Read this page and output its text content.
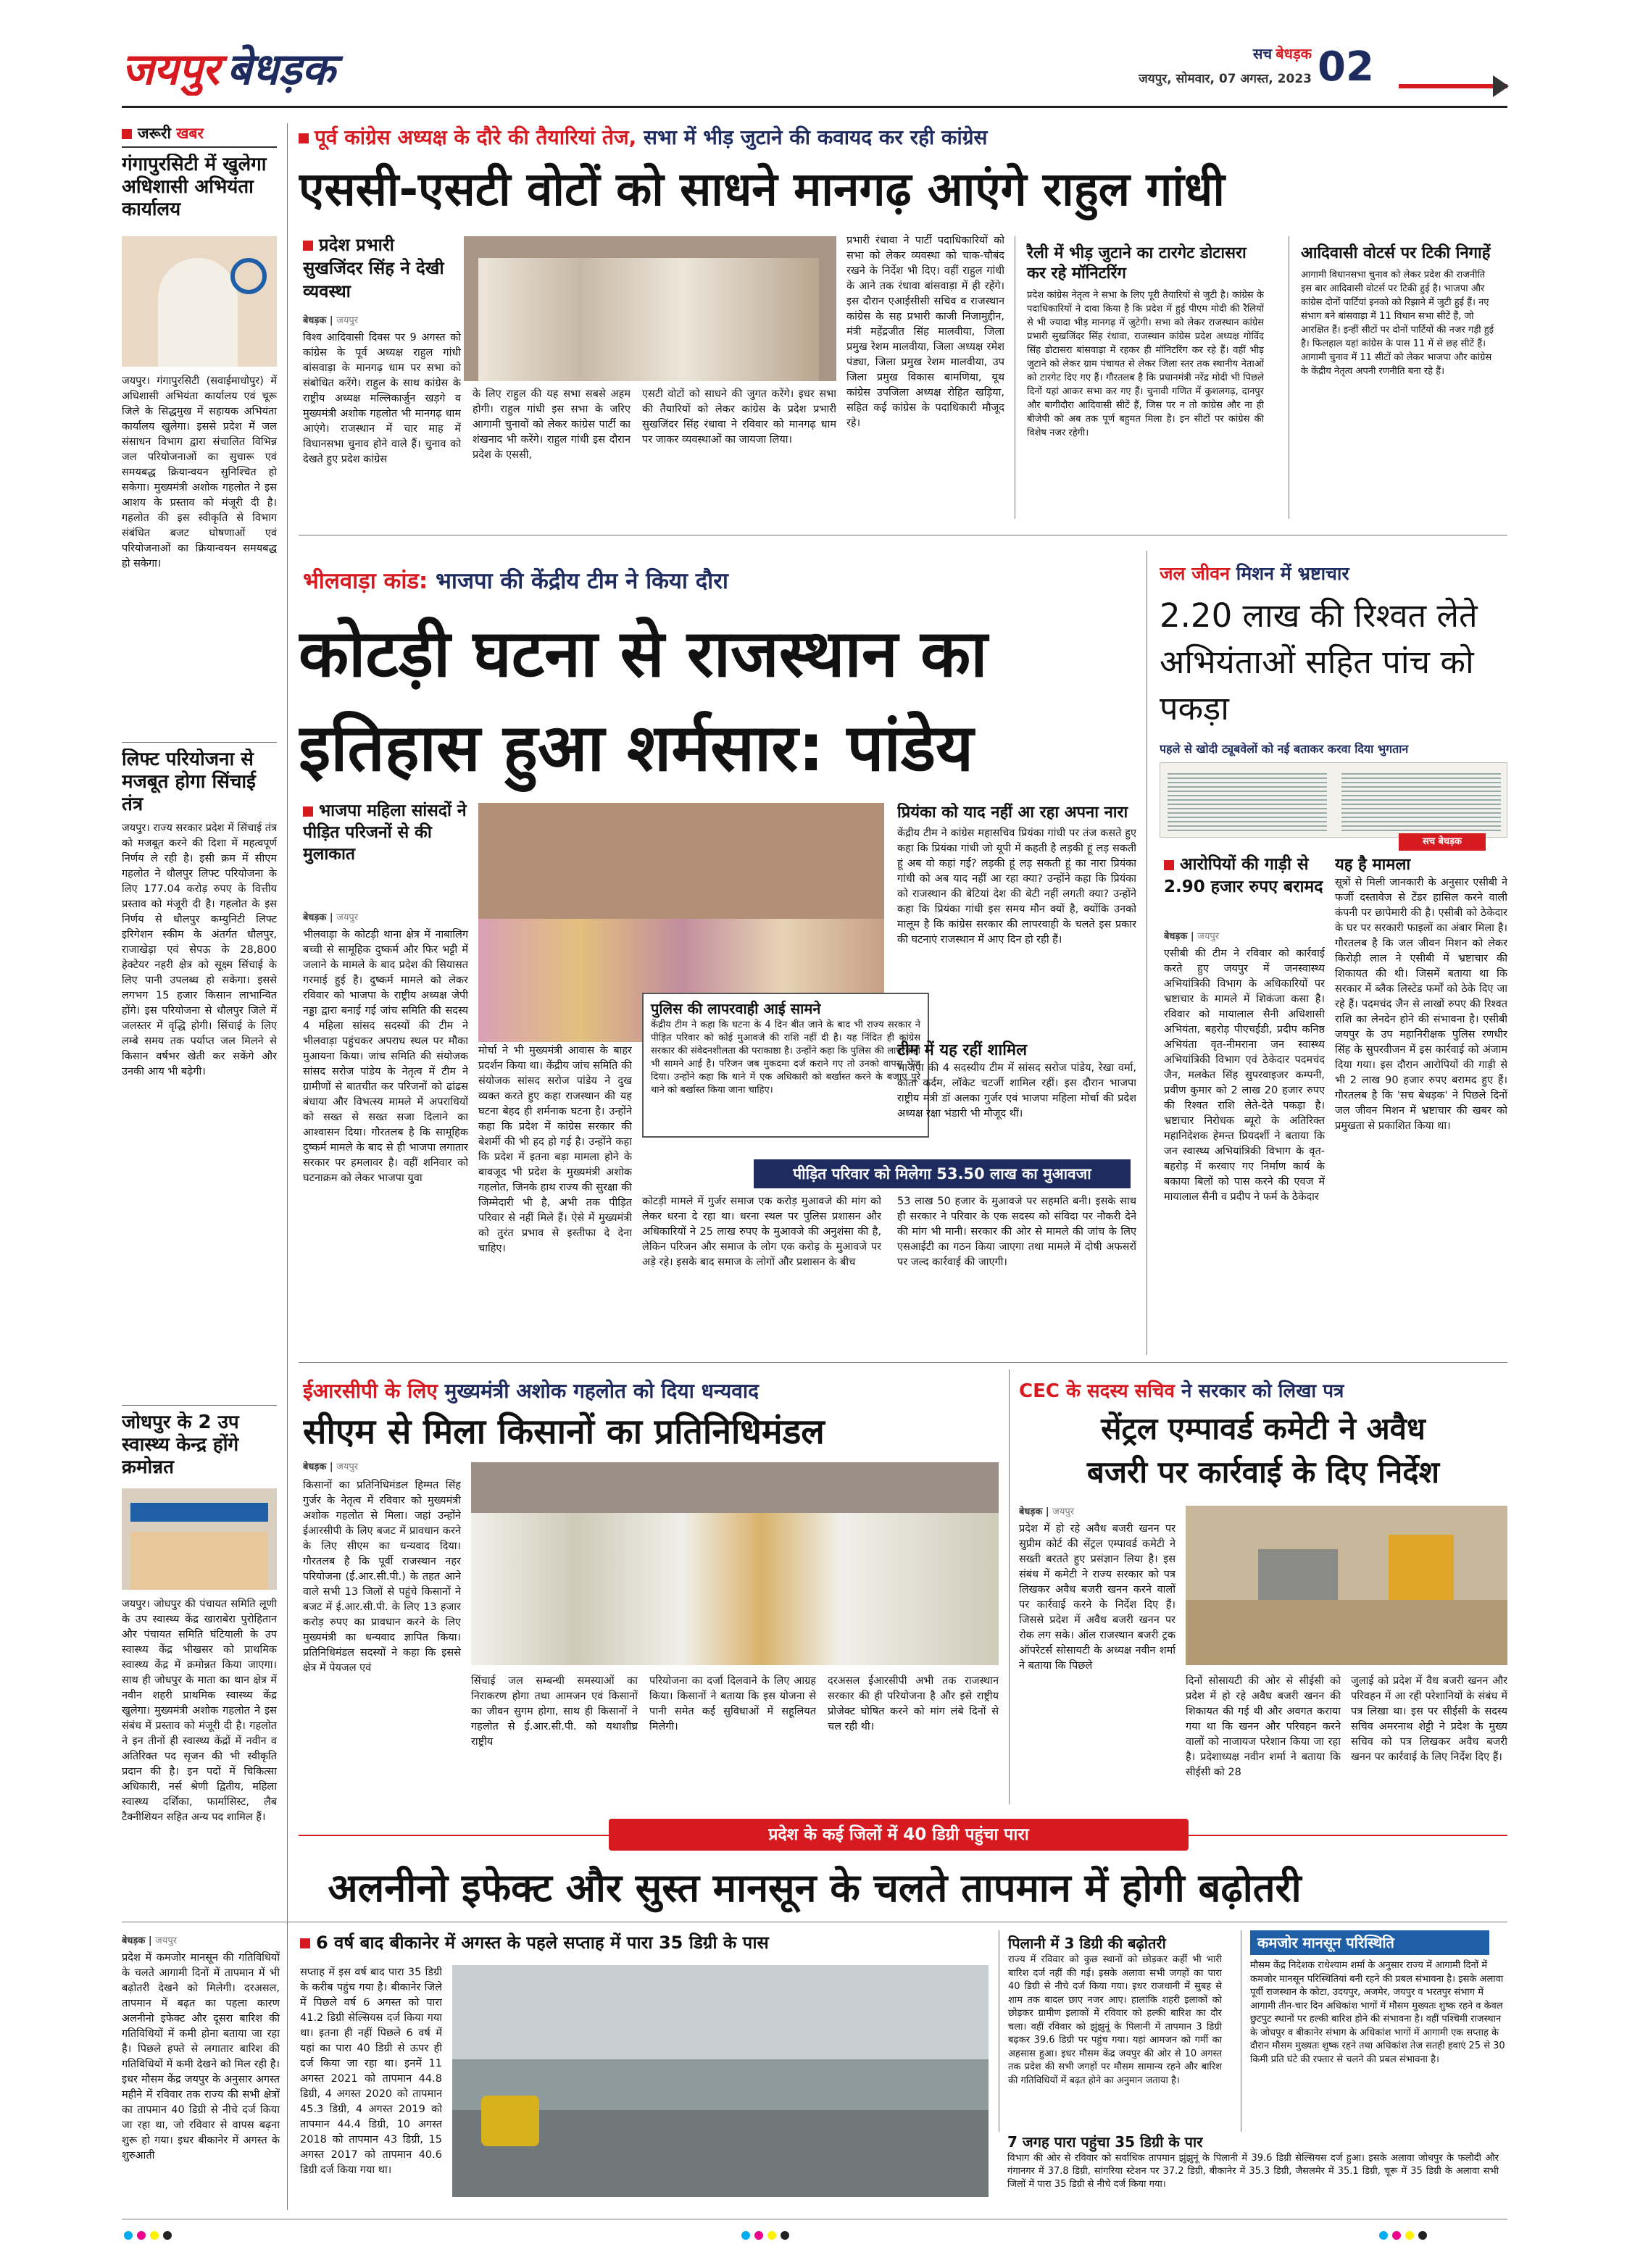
जयपुर बेधड़क	सच बेधड़क
जयपुर, सोमवार, 07 अगस्त, 2023 02
जरूरी खबर
गंगापुरसिटी में खुलेगा अधिशासी अभियंता कार्यालय
जयपुर। गंगापुरसिटी (सवाईमाधोपुर) में अधिशासी अभियंता कार्यालय एवं चूरू जिले के सिद्धमुख में सहायक अभियंता कार्यालय खुलेगा। इससे प्रदेश में जल संसाधन विभाग द्वारा संचालित विभिन्न जल परियोजनाओं का सुचारू एवं समयबद्ध क्रियान्वयन सुनिश्चित हो सकेगा। मुख्यमंत्री अशोक गहलोत ने इस आशय के प्रस्ताव को मंजूरी दी है। गहलोत की इस स्वीकृति से विभाग संबंधित बजट घोषणाओं एवं परियोजनाओं का क्रियान्वयन समयबद्ध हो सकेगा।
लिफ्ट परियोजना से मजबूत होगा सिंचाई तंत्र
जयपुर। राज्य सरकार प्रदेश में सिंचाई तंत्र को मजबूत करने की दिशा में महत्वपूर्ण निर्णय ले रही है। इसी क्रम में सीएम गहलोत ने धौलपुर लिफ्ट परियोजना के लिए 177.04 करोड़ रुपए के वित्तीय प्रस्ताव को मंजूरी दी है। गहलोत के इस निर्णय से धौलपुर कम्युनिटी लिफ्ट इरिगेशन स्कीम के अंतर्गत धौलपुर, राजाखेड़ा एवं सेपऊ के 28,800 हेक्टेयर नहरी क्षेत्र को सूक्ष्म सिंचाई के लिए पानी उपलब्ध हो सकेगा। इससे लगभग 15 हजार किसान लाभान्वित होंगे। इस परियोजना से धौलपुर जिले में जलस्तर में वृद्धि होगी। सिंचाई के लिए लम्बे समय तक पर्याप्त जल मिलने से किसान वर्षभर खेती कर सकेंगे और उनकी आय भी बढ़ेगी।
जोधपुर के 2 उप स्वास्थ्य केन्द्र होंगे क्रमोन्नत
जयपुर। जोधपुर की पंचायत समिति लूणी के उप स्वास्थ्य केंद्र खाराबेरा पुरोहितान और पंचायत समिति घंटियाली के उप स्वास्थ्य केंद्र भीखसर को प्राथमिक स्वास्थ्य केंद्र में क्रमोन्नत किया जाएगा। साथ ही जोधपुर के माता का थान क्षेत्र में नवीन शहरी प्राथमिक स्वास्थ्य केंद्र खुलेगा। मुख्यमंत्री अशोक गहलोत ने इस संबंध में प्रस्ताव को मंजूरी दी है। गहलोत ने इन तीनों ही स्वास्थ्य केंद्रों में नवीन व अतिरिक्त पद सृजन की भी स्वीकृति प्रदान की है। इन पदों में चिकित्सा अधिकारी, नर्स श्रेणी द्वितीय, महिला स्वास्थ्य दर्शिका, फार्मासिस्ट, लैब टैक्नीशियन सहित अन्य पद शामिल हैं।
पूर्व कांग्रेस अध्यक्ष के दौरे की तैयारियां तेज, सभा में भीड़ जुटाने की कवायद कर रही कांग्रेस
एससी-एसटी वोटों को साधने मानगढ़ आएंगे राहुल गांधी
प्रदेश प्रभारी सुखजिंदर सिंह ने देखी व्यवस्था
बेधड़क | जयपुर
विश्व आदिवासी दिवस पर 9 अगस्त को कांग्रेस के पूर्व अध्यक्ष राहुल गांधी बांसवाड़ा के मानगढ़ धाम पर सभा को संबोधित करेंगे। राहुल के साथ कांग्रेस के राष्ट्रीय अध्यक्ष मल्लिकार्जुन खड़गे व मुख्यमंत्री अशोक गहलोत भी मानगढ़ धाम आएंगे। राजस्थान में चार माह में विधानसभा चुनाव होने वाले हैं। चुनाव को देखते हुए प्रदेश कांग्रेस
के लिए राहुल की यह सभा सबसे अहम होगी। राहुल गांधी इस सभा के जरिए आगामी चुनावों को लेकर कांग्रेस पार्टी का शंखनाद भी करेंगे। राहुल गांधी इस दौरान प्रदेश के एससी,
एसटी वोटों को साधने की जुगत करेंगे। इधर सभा की तैयारियों को लेकर कांग्रेस के प्रदेश प्रभारी सुखजिंदर सिंह रंधावा ने रविवार को मानगढ़ धाम पर जाकर व्यवस्थाओं का जायजा लिया।
प्रभारी रंधावा ने पार्टी पदाधिकारियों को सभा को लेकर व्यवस्था को चाक-चौबंद रखने के निर्देश भी दिए। वहीं राहुल गांधी के आने तक रंधावा बांसवाड़ा में ही रहेंगे। इस दौरान एआईसीसी सचिव व राजस्थान कांग्रेस के सह प्रभारी काजी निजामुद्दीन, मंत्री महेंद्रजीत सिंह मालवीया, जिला प्रमुख रेशम मालवीया, जिला अध्यक्ष रमेश पंड्या, जिला प्रमुख रेशम मालवीया, उप जिला प्रमुख विकास बामणिया, यूथ कांग्रेस उपजिला अध्यक्ष रोहित खड़िया, सहित कई कांग्रेस के पदाधिकारी मौजूद रहे।
रैली में भीड़ जुटाने का टारगेट डोटासरा कर रहे मॉनिटरिंग
प्रदेश कांग्रेस नेतृत्व ने सभा के लिए पूरी तैयारियों से जुटी है। कांग्रेस के पदाधिकारियों ने दावा किया है कि प्रदेश में हुई पीएम मोदी की रैलियों से भी ज्यादा भीड़ मानगढ़ में जुटेगी। सभा को लेकर राजस्थान कांग्रेस प्रभारी सुखजिंदर सिंह रंधावा, राजस्थान कांग्रेस प्रदेश अध्यक्ष गोविंद सिंह डोटासरा बांसवाड़ा में रहकर ही मॉनिटरिंग कर रहे हैं। वहीं भीड़ जुटाने को लेकर ग्राम पंचायत से लेकर जिला स्तर तक स्थानीय नेताओं को टारगेट दिए गए हैं। गौरतलब है कि प्रधानमंत्री नरेंद्र मोदी भी पिछले दिनों यहां आकर सभा कर गए हैं। चुनावी गणित में कुशलगढ़, दानपुर और बागीदौरा आदिवासी सीटें हैं, जिस पर न तो कांग्रेस और ना ही बीजेपी को अब तक पूर्ण बहुमत मिला है। इन सीटों पर कांग्रेस की विशेष नजर रहेगी।
आदिवासी वोटर्स पर टिकी निगाहें
आगामी विधानसभा चुनाव को लेकर प्रदेश की राजनीति इस बार आदिवासी वोटर्स पर टिकी हुई है। भाजपा और कांग्रेस दोनों पार्टियां इनको को रिझाने में जुटी हुई हैं। नए संभाग बने बांसवाड़ा में 11 विधान सभा सीटें हैं, जो आरक्षित हैं। इन्हीं सीटों पर दोनों पार्टियों की नजर गड़ी हुई है। फिलहाल यहां कांग्रेस के पास 11 में से छह सीटें हैं। आगामी चुनाव में 11 सीटों को लेकर भाजपा और कांग्रेस के केंद्रीय नेतृत्व अपनी रणनीति बना रहे हैं।
भीलवाड़ा कांड: भाजपा की केंद्रीय टीम ने किया दौरा
कोटड़ी घटना से राजस्थान का
इतिहास हुआ शर्मसार: पांडेय
भाजपा महिला सांसदों ने पीड़ित परिजनों से की मुलाकात
पुलिस की लापरवाही आई सामने
केंद्रीय टीम ने कहा कि घटना के 4 दिन बीत जाने के बाद भी राज्य सरकार ने पीड़ित परिवार को कोई मुआवजे की राशि नहीं दी है। यह निंदित ही कांग्रेस सरकार की संवेदनशीलता की पराकाष्ठा है। उन्होंने कहा कि पुलिस की लापरवाही भी सामने आई है। परिजन जब मुकदमा दर्ज कराने गए तो उनको वापस भेज दिया। उन्होंने कहा कि थाने में एक अधिकारी को बर्खास्त करने के बजाए पूरे थाने को बर्खास्त किया जाना चाहिए।
बेधड़क | जयपुर
भीलवाड़ा के कोटड़ी थाना क्षेत्र में नाबालिग बच्ची से सामूहिक दुष्कर्म और फिर भट्टी में जलाने के मामले के बाद प्रदेश की सियासत गरमाई हुई है। दुष्कर्म मामले को लेकर रविवार को भाजपा के राष्ट्रीय अध्यक्ष जेपी नड्डा द्वारा बनाई गई जांच समिति की सदस्य 4 महिला सांसद सदस्यों की टीम ने भीलवाड़ा पहुंचकर अपराध स्थल पर मौका मुआयना किया। जांच समिति की संयोजक सांसद सरोज पांडेय के नेतृत्व में टीम ने ग्रामीणों से बातचीत कर परिजनों को ढांढस बंधाया और विभत्स्य मामले में अपराधियों को सख्त से सख्त सजा दिलाने का आश्वासन दिया। गौरतलब है कि सामूहिक दुष्कर्म मामले के बाद से ही भाजपा लगातार सरकार पर हमलावर है। वहीं शनिवार को घटनाक्रम को लेकर भाजपा युवा
मोर्चा ने भी मुख्यमंत्री आवास के बाहर प्रदर्शन किया था। केंद्रीय जांच समिति की संयोजक सांसद सरोज पांडेय ने दुख व्यक्त करते हुए कहा राजस्थान की यह घटना बेहद ही शर्मनाक घटना है। उन्होंने कहा कि प्रदेश में कांग्रेस सरकार की बेशर्मी की भी हद हो गई है। उन्होंने कहा कि प्रदेश में इतना बड़ा मामला होने के बावजूद भी प्रदेश के मुख्यमंत्री अशोक गहलोत, जिनके हाथ राज्य की सुरक्षा की जिम्मेदारी भी है, अभी तक पीड़ित परिवार से नहीं मिले हैं। ऐसे में मुख्यमंत्री को तुरंत प्रभाव से इस्तीफा दे देना चाहिए।
प्रियंका को याद नहीं आ रहा अपना नारा
केंद्रीय टीम ने कांग्रेस महासचिव प्रियंका गांधी पर तंज कसते हुए कहा कि प्रियंका गांधी जो यूपी में कहती है लड़की हूं लड़ सकती हूं अब वो कहां गई? लड़की हूं लड़ सकती हूं का नारा प्रियंका गांधी को अब याद नहीं आ रहा क्या? उन्होंने कहा कि प्रियंका को राजस्थान की बेटियां देश की बेटी नहीं लगती क्या? उन्होंने कहा कि प्रियंका गांधी इस समय मौन क्यों है, क्योंकि उनको मालूम है कि कांग्रेस सरकार की लापरवाही के चलते इस प्रकार की घटनाएं राजस्थान में आए दिन हो रही हैं।
टीम में यह रहीं शामिल
भाजपा की 4 सदस्यीय टीम में सांसद सरोज पांडेय, रेखा वर्मा, कांता कर्दम, लॉकेट चटर्जी शामिल रहीं। इस दौरान भाजपा राष्ट्रीय मंत्री डॉ अलका गुर्जर एवं भाजपा महिला मोर्चा की प्रदेश अध्यक्ष रक्षा भंडारी भी मौजूद थीं।
पीड़ित परिवार को मिलेगा 53.50 लाख का मुआवजा
कोटड़ी मामले में गुर्जर समाज एक करोड़ मुआवजे की मांग को लेकर धरना दे रहा था। धरना स्थल पर पुलिस प्रशासन और अधिकारियों ने 25 लाख रुपए के मुआवजे की अनुशंसा की है, लेकिन परिजन और समाज के लोग एक करोड़ के मुआवजे पर अड़े रहे। इसके बाद समाज के लोगों और प्रशासन के बीच
53 लाख 50 हजार के मुआवजे पर सहमति बनी। इसके साथ ही सरकार ने परिवार के एक सदस्य को संविदा पर नौकरी देने की मांग भी मानी। सरकार की ओर से मामले की जांच के लिए एसआईटी का गठन किया जाएगा तथा मामले में दोषी अफसरों पर जल्द कार्रवाई की जाएगी।
जल जीवन मिशन में भ्रष्टाचार
2.20 लाख की रिश्वत लेते अभियंताओं सहित पांच को पकड़ा
पहले से खोदी ट्यूबवेलों को नई बताकर करवा दिया भुगतान
सच बेधड़क
आरोपियों की गाड़ी से 2.90 हजार रुपए बरामद
बेधड़क | जयपुर
एसीबी की टीम ने रविवार को कार्रवाई करते हुए जयपुर में जनस्वास्थ्य अभियांत्रिकी विभाग के अधिकारियों पर भ्रष्टाचार के मामले में शिकंजा कसा है। रविवार को मायालाल सैनी अधिशासी अभियंता, बहरोड़ पीएचईडी, प्रदीप कनिष्ठ अभियंता वृत-नीमराना जन स्वास्थ्य अभियांत्रिकी विभाग एवं ठेकेदार पदमचंद जैन, मलकेत सिंह सुपरवाइजर कम्पनी, प्रवीण कुमार को 2 लाख 20 हजार रुपए की रिश्वत राशि लेते-देते पकड़ा है। भ्रष्टाचार निरोधक ब्यूरो के अतिरिक्त महानिदेशक हेमन्त प्रियदर्शी ने बताया कि जन स्वास्थ्य अभियांत्रिकी विभाग के वृत- बहरोड़ में करवाए गए निर्माण कार्य के बकाया बिलों को पास करने की एवज में मायालाल सैनी व प्रदीप ने फर्म के ठेकेदार
यह है मामला
सूत्रों से मिली जानकारी के अनुसार एसीबी ने फर्जी दस्तावेज से टेंडर हासिल करने वाली कंपनी पर छापेमारी की है। एसीबी को ठेकेदार के घर पर सरकारी फाइलों का अंबार मिला है। गौरतलब है कि जल जीवन मिशन को लेकर किरोड़ी लाल ने एसीबी में भ्रष्टाचार की शिकायत की थी। जिसमें बताया था कि सरकार में ब्लैक लिस्टेड फर्मों को ठेके दिए जा रहे हैं। पदमचंद जैन से लाखों रुपए की रिश्वत राशि का लेनदेन होने की संभावना है। एसीबी जयपुर के उप महानिरीक्षक पुलिस रणधीर सिंह के सुपरवीजन में इस कार्रवाई को अंजाम दिया गया। इस दौरान आरोपियों की गाड़ी से भी 2 लाख 90 हजार रुपए बरामद हुए हैं। गौरतलब है कि 'सच बेधड़क' ने पिछले दिनों जल जीवन मिशन में भ्रष्टाचार की खबर को प्रमुखता से प्रकाशित किया था।
ईआरसीपी के लिए मुख्यमंत्री अशोक गहलोत को दिया धन्यवाद
सीएम से मिला किसानों का प्रतिनिधिमंडल
बेधड़क | जयपुर
किसानों का प्रतिनिधिमंडल हिम्मत सिंह गुर्जर के नेतृत्व में रविवार को मुख्यमंत्री अशोक गहलोत से मिला। जहां उन्होंने ईआरसीपी के लिए बजट में प्रावधान करने के लिए सीएम का धन्यवाद दिया। गौरतलब है कि पूर्वी राजस्थान नहर परियोजना (ई.आर.सी.पी.) के तहत आने वाले सभी 13 जिलों से पहुंचे किसानों ने बजट में ई.आर.सी.पी. के लिए 13 हजार करोड़ रुपए का प्रावधान करने के लिए मुख्यमंत्री का धन्यवाद ज्ञापित किया। प्रतिनिधिमंडल सदस्यों ने कहा कि इससे क्षेत्र में पेयजल एवं
सिंचाई जल सम्बन्धी समस्याओं का निराकरण होगा तथा आमजन एवं किसानों का जीवन सुगम होगा, साथ ही किसानों ने गहलोत से ई.आर.सी.पी. को यथाशीघ्र राष्ट्रीय
परियोजना का दर्जा दिलवाने के लिए आग्रह किया। किसानों ने बताया कि इस योजना से पानी समेत कई सुविधाओं में सहूलियत मिलेगी।
दरअसल ईआरसीपी अभी तक राजस्थान सरकार की ही परियोजना है और इसे राष्ट्रीय प्रोजेक्ट घोषित करने को मांग लंबे दिनों से चल रही थी।
CEC के सदस्य सचिव ने सरकार को लिखा पत्र
सेंट्रल एम्पावर्ड कमेटी ने अवैध
बजरी पर कार्रवाई के दिए निर्देश
बेधड़क | जयपुर
प्रदेश में हो रहे अवैध बजरी खनन पर सुप्रीम कोर्ट की सेंट्रल एम्पावर्ड कमेटी ने सख्ती बरतते हुए प्रसंज्ञान लिया है। इस संबंध में कमेटी ने राज्य सरकार को पत्र लिखकर अवैध बजरी खनन करने वालों पर कार्रवाई करने के निर्देश दिए हैं। जिससे प्रदेश में अवैध बजरी खनन पर रोक लग सके। ऑल राजस्थान बजरी ट्रक ऑपरेटर्स सोसायटी के अध्यक्ष नवीन शर्मा ने बताया कि पिछले
दिनों सोसायटी की ओर से सीईसी को प्रदेश में हो रहे अवैध बजरी खनन की शिकायत की गई थी और अवगत कराया गया था कि खनन और परिवहन करने वालों को नाजायज परेशान किया जा रहा है। प्रदेशाध्यक्ष नवीन शर्मा ने बताया कि सीईसी को 28
जुलाई को प्रदेश में वैध बजरी खनन और परिवहन में आ रही परेशानियों के संबंध में पत्र लिखा था। इस पर सीईसी के सदस्य सचिव अमरनाथ शेट्टी ने प्रदेश के मुख्य सचिव को पत्र लिखकर अवैध बजरी खनन पर कार्रवाई के लिए निर्देश दिए हैं।
प्रदेश के कई जिलों में 40 डिग्री पहुंचा पारा
अलनीनो इफेक्ट और सुस्त मानसून के चलते तापमान में होगी बढ़ोतरी
बेधड़क | जयपुर
प्रदेश में कमजोर मानसून की गतिविधियों के चलते आगामी दिनों में तापमान में भी बढ़ोतरी देखने को मिलेगी। दरअसल, तापमान में बढ़त का पहला कारण अलनीनो इफेक्ट और दूसरा बारिश की गतिविधियों में कमी होना बताया जा रहा है। पिछले हफ्ते से लगातार बारिश की गतिविधियों में कमी देखने को मिल रही है। इधर मौसम केंद्र जयपुर के अनुसार अगस्त महीने में रविवार तक राज्य की सभी क्षेत्रों का तापमान 40 डिग्री से नीचे दर्ज किया जा रहा था, जो रविवार से वापस बढ़ना शुरू हो गया। इधर बीकानेर में अगस्त के शुरुआती
6 वर्ष बाद बीकानेर में अगस्त के पहले सप्ताह में पारा 35 डिग्री के पास
सप्ताह में इस वर्ष बाद पारा 35 डिग्री के करीब पहुंच गया है। बीकानेर जिले में पिछले वर्ष 6 अगस्त को पारा 41.2 डिग्री सेल्सियस दर्ज किया गया था। इतना ही नहीं पिछले 6 वर्ष में यहां का पारा 40 डिग्री से ऊपर ही दर्ज किया जा रहा था। इनमें 11 अगस्त 2021 को तापमान 44.8 डिग्री, 4 अगस्त 2020 को तापमान 45.3 डिग्री, 4 अगस्त 2019 को तापमान 44.4 डिग्री, 10 अगस्त 2018 को तापमान 43 डिग्री, 15 अगस्त 2017 को तापमान 40.6 डिग्री दर्ज किया गया था।
पिलानी में 3 डिग्री की बढ़ोतरी
राज्य में रविवार को कुछ स्थानों को छोड़कर कहीं भी भारी बारिश दर्ज नहीं की गई। इसके अलावा सभी जगहों का पारा 40 डिग्री से नीचे दर्ज किया गया। इधर राजधानी में सुबह से शाम तक बादल छाए नजर आए। हालांकि शहरी इलाकों को छोड़कर ग्रामीण इलाकों में रविवार को हल्की बारिश का दौर चला। वहीं रविवार को झुंझुनूं के पिलानी में तापमान 3 डिग्री बढ़कर 39.6 डिग्री पर पहुंच गया। यहां आमजन को गर्मी का अहसास हुआ। इधर मौसम केंद्र जयपुर की ओर से 10 अगस्त तक प्रदेश की सभी जगहों पर मौसम सामान्य रहने और बारिश की गतिविधियों में बढ़त होने का अनुमान जताया है।
कमजोर मानसून परिस्थिति
मौसम केंद्र निदेशक राधेश्याम शर्मा के अनुसार राज्य में आगामी दिनों में कमजोर मानसून परिस्थितियां बनी रहने की प्रबल संभावना है। इसके अलावा पूर्वी राजस्थान के कोटा, उदयपुर, अजमेर, जयपुर व भरतपुर संभाग में आगामी तीन-चार दिन अधिकांश भागों में मौसम मुख्यतः शुष्क रहने व केवल छुटपुट स्थानों पर हल्की बारिश होने की संभावना है। वहीं पश्चिमी राजस्थान के जोधपुर व बीकानेर संभाग के अधिकांश भागों में आगामी एक सप्ताह के दौरान मौसम मुख्यतः शुष्क रहने तथा अधिकांश तेज सतही हवाएं 25 से 30 किमी प्रति घंटे की रफ्तार से चलने की प्रबल संभावना है।
7 जगह पारा पहुंचा 35 डिग्री के पार
विभाग की ओर से रविवार को सर्वाधिक तापमान झुंझुनूं के पिलानी में 39.6 डिग्री सेल्सियस दर्ज हुआ। इसके अलावा जोधपुर के फलौदी और गंगानगर में 37.8 डिग्री, सांगरिया स्टेशन पर 37.2 डिग्री, बीकानेर में 35.3 डिग्री, जैसलमेर में 35.1 डिग्री, चूरू में 35 डिग्री के अलावा सभी जिलों में पारा 35 डिग्री से नीचे दर्ज किया गया।
